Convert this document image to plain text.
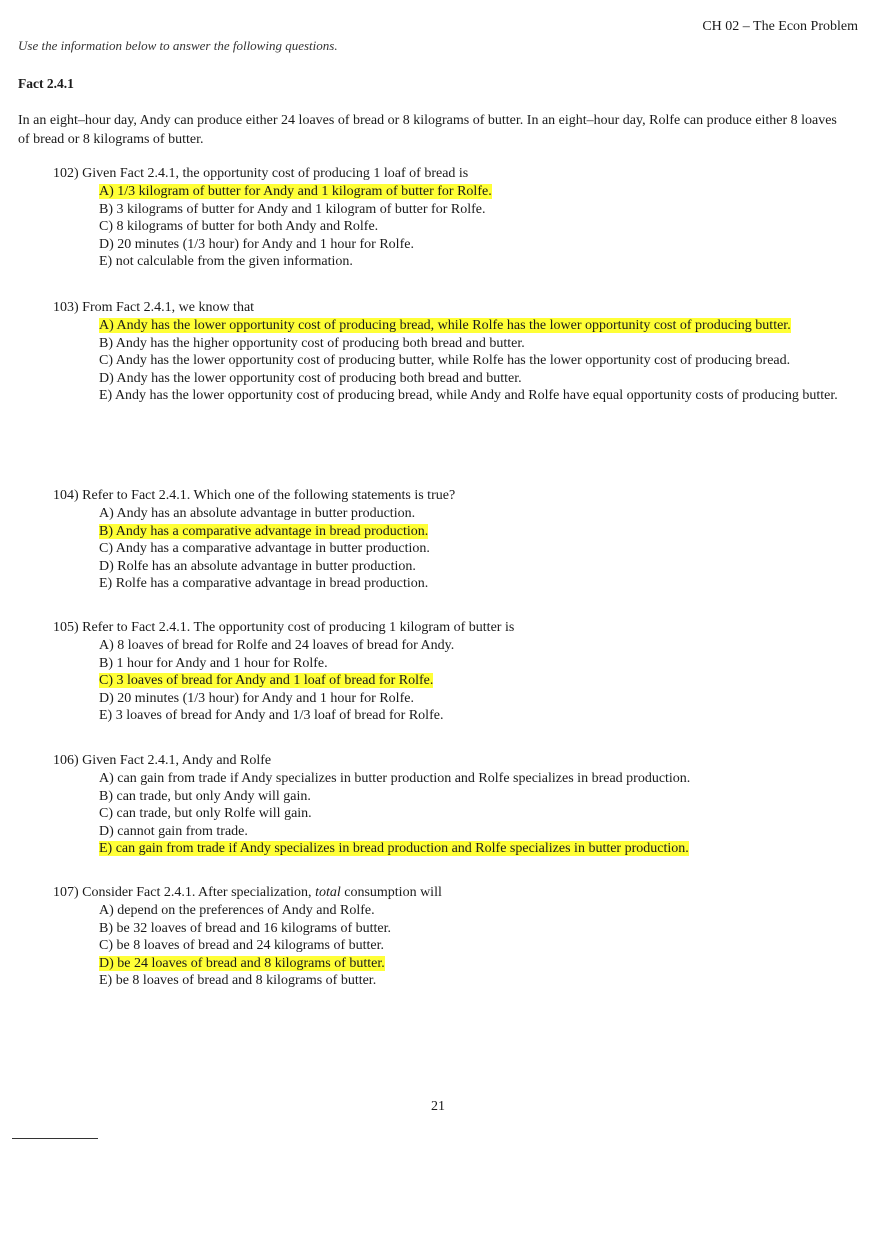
CH 02 – The Econ Problem
Use the information below to answer the following questions.
Fact 2.4.1
In an eight–hour day, Andy can produce either 24 loaves of bread or 8 kilograms of butter. In an eight–hour day, Rolfe can produce either 8 loaves of bread or 8 kilograms of butter.
102) Given Fact 2.4.1, the opportunity cost of producing 1 loaf of bread is
A) 1/3 kilogram of butter for Andy and 1 kilogram of butter for Rolfe.
B) 3 kilograms of butter for Andy and 1 kilogram of butter for Rolfe.
C) 8 kilograms of butter for both Andy and Rolfe.
D) 20 minutes (1/3 hour) for Andy and 1 hour for Rolfe.
E) not calculable from the given information.
103) From Fact 2.4.1, we know that
A) Andy has the lower opportunity cost of producing bread, while Rolfe has the lower opportunity cost of producing butter.
B) Andy has the higher opportunity cost of producing both bread and butter.
C) Andy has the lower opportunity cost of producing butter, while Rolfe has the lower opportunity cost of producing bread.
D) Andy has the lower opportunity cost of producing both bread and butter.
E) Andy has the lower opportunity cost of producing bread, while Andy and Rolfe have equal opportunity costs of producing butter.
104) Refer to Fact 2.4.1. Which one of the following statements is true?
A) Andy has an absolute advantage in butter production.
B) Andy has a comparative advantage in bread production.
C) Andy has a comparative advantage in butter production.
D) Rolfe has an absolute advantage in butter production.
E) Rolfe has a comparative advantage in bread production.
105) Refer to Fact 2.4.1. The opportunity cost of producing 1 kilogram of butter is
A) 8 loaves of bread for Rolfe and 24 loaves of bread for Andy.
B) 1 hour for Andy and 1 hour for Rolfe.
C) 3 loaves of bread for Andy and 1 loaf of bread for Rolfe.
D) 20 minutes (1/3 hour) for Andy and 1 hour for Rolfe.
E) 3 loaves of bread for Andy and 1/3 loaf of bread for Rolfe.
106) Given Fact 2.4.1, Andy and Rolfe
A) can gain from trade if Andy specializes in butter production and Rolfe specializes in bread production.
B) can trade, but only Andy will gain.
C) can trade, but only Rolfe will gain.
D) cannot gain from trade.
E) can gain from trade if Andy specializes in bread production and Rolfe specializes in butter production.
107) Consider Fact 2.4.1. After specialization, total consumption will
A) depend on the preferences of Andy and Rolfe.
B) be 32 loaves of bread and 16 kilograms of butter.
C) be 8 loaves of bread and 24 kilograms of butter.
D) be 24 loaves of bread and 8 kilograms of butter.
E) be 8 loaves of bread and 8 kilograms of butter.
21
